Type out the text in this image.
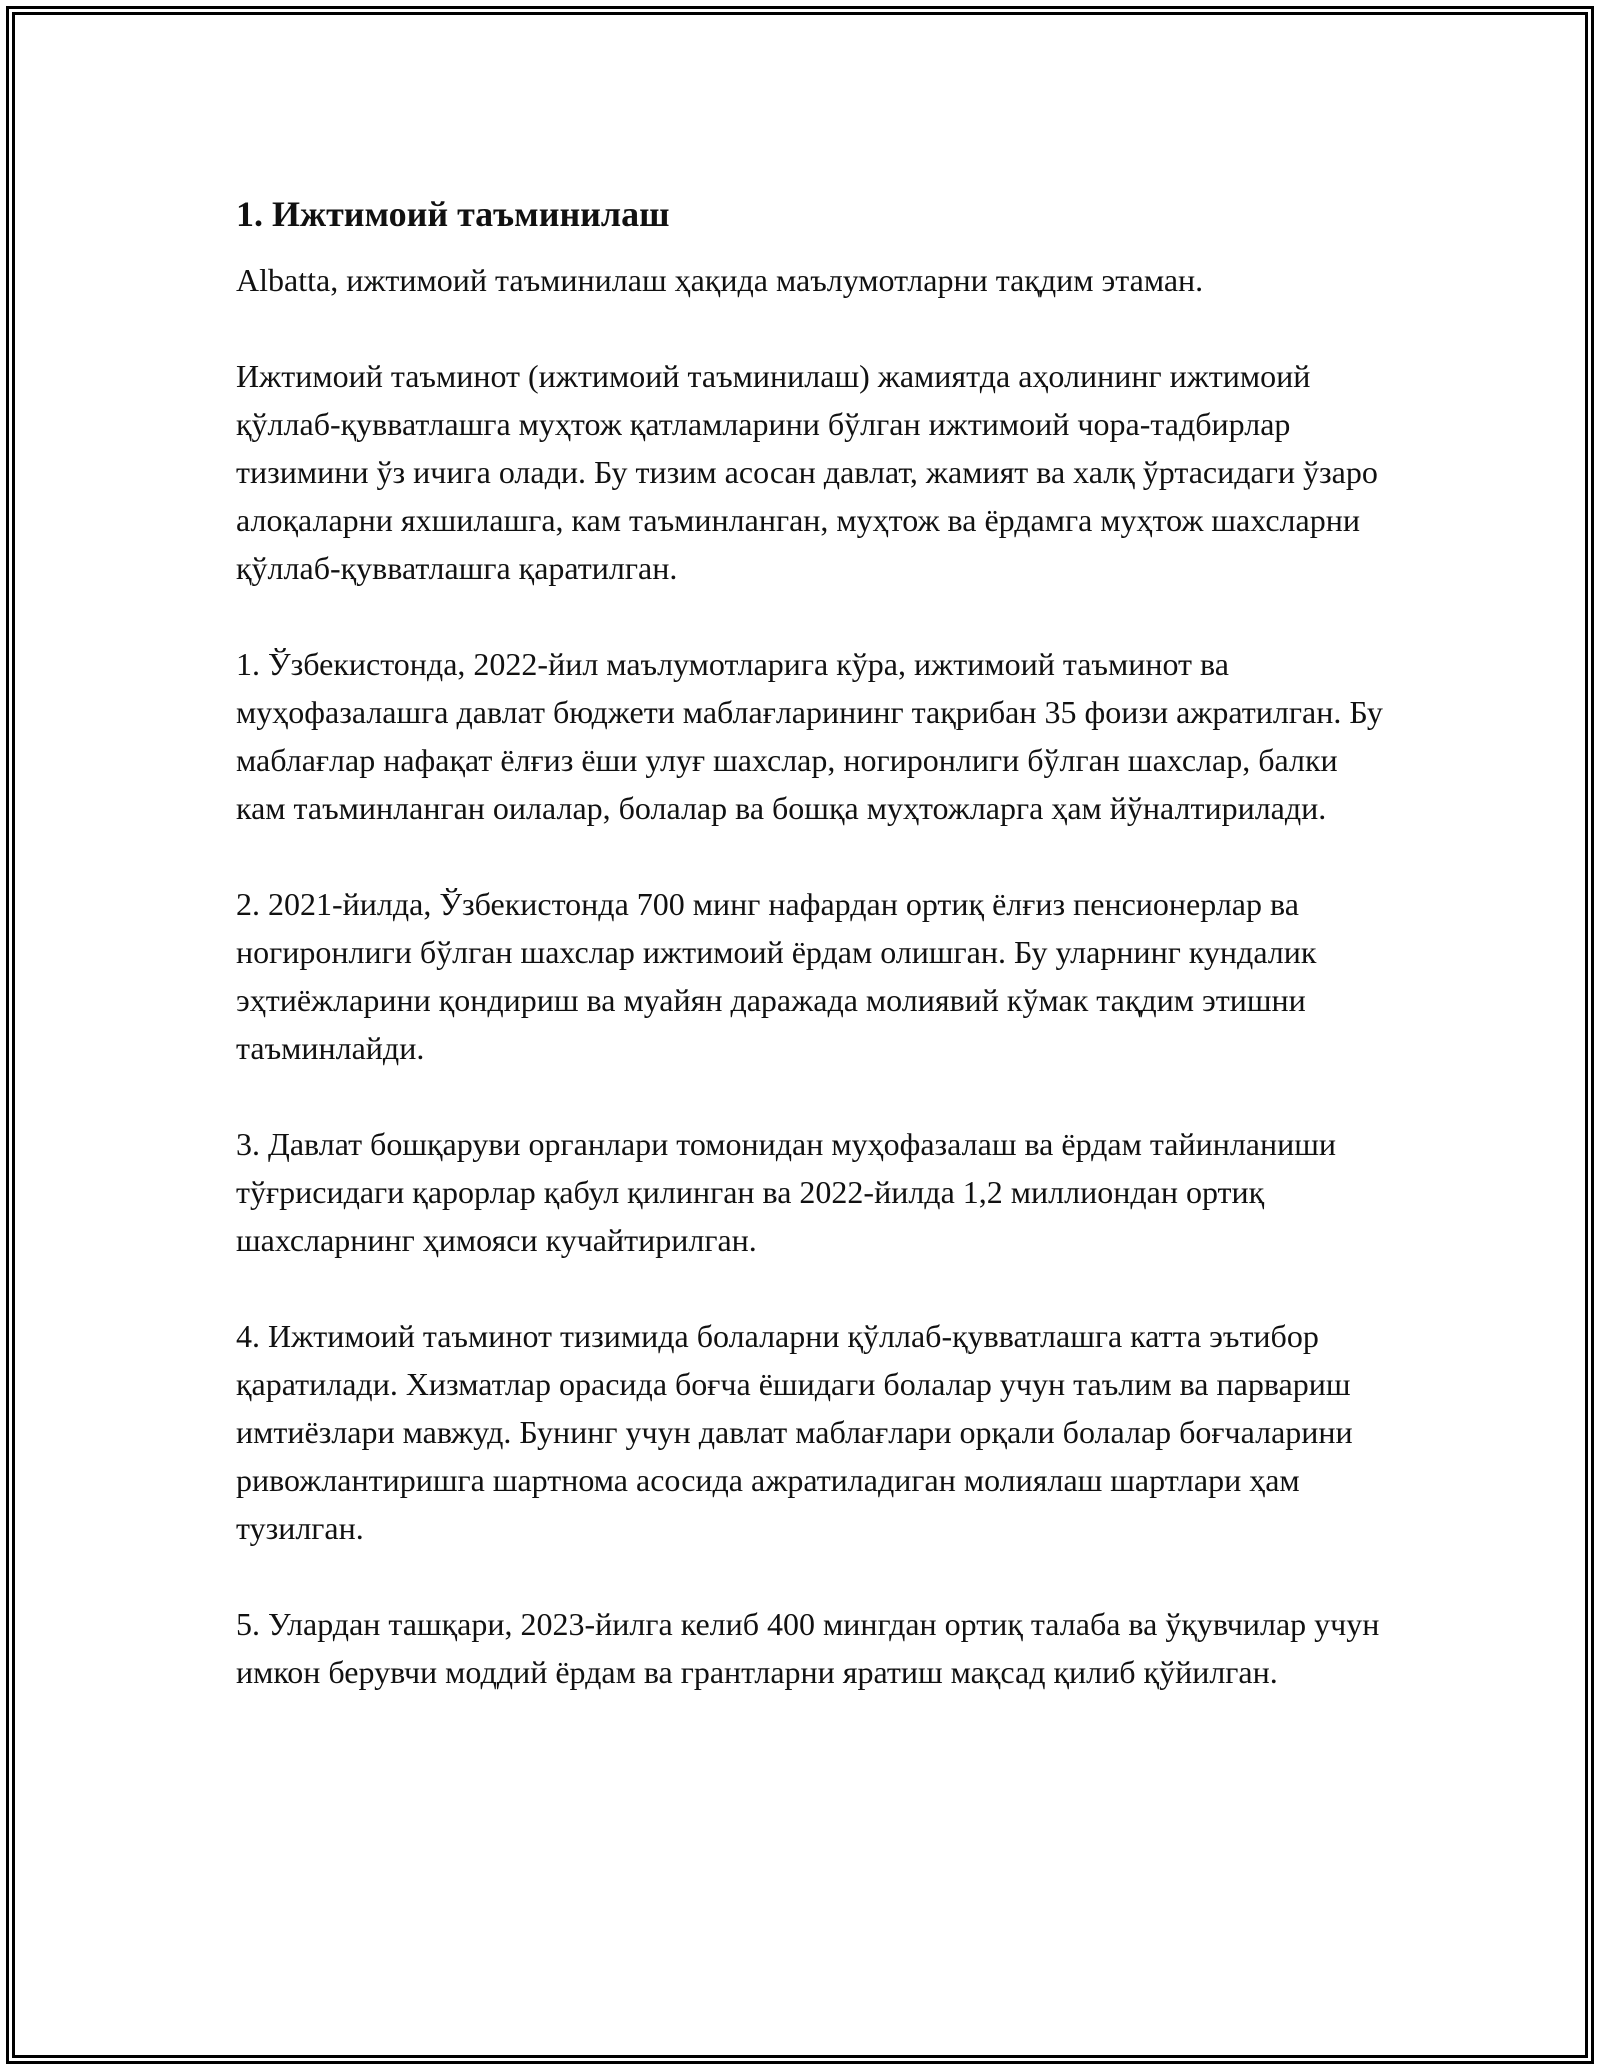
1. Ижтимоий таъминилаш

Albatta, ижтимоий таъминилаш ҳақида маълумотларни тақдим этаман.

Ижтимоий таъминот (ижтимоий таъминилаш) жамиятда аҳолининг ижтимоий қўллаб-қувватлашга муҳтож қатламларини бўлган ижтимоий чора-тадбирлар тизимини ўз ичига олади. Бу тизим асосан давлат, жамият ва халқ ўртасидаги ўзаро алоқаларни яхшилашга, кам таъминланган, муҳтож ва ёрдамга муҳтож шахсларни қўллаб-қувватлашга қаратилган.

1. Ўзбекистонда, 2022-йил маълумотларига кўра, ижтимоий таъминот ва муҳофазалашга давлат бюджети маблағларининг тақрибан 35 фоизи ажратилган. Бу маблағлар нафақат ёлғиз ёши улуғ шахслар, ногиронлиги бўлган шахслар, балки кам таъминланган оилалар, болалар ва бошқа муҳтожларга ҳам йўналтирилади.

2. 2021-йилда, Ўзбекистонда 700 минг нафардан ортиқ ёлғиз пенсионерлар ва ногиронлиги бўлган шахслар ижтимоий ёрдам олишган. Бу уларнинг кундалик эҳтиёжларини қондириш ва муайян даражада молиявий кўмак тақдим этишни таъминлайди.

3. Давлат бошқаруви органлари томонидан муҳофазалаш ва ёрдам тайинланиши тўғрисидаги қарорлар қабул қилинган ва 2022-йилда 1,2 миллиондан ортиқ шахсларнинг ҳимояси кучайтирилган.

4. Ижтимоий таъминот тизимида болаларни қўллаб-қувватлашга катта эътибор қаратилади. Хизматлар орасида боғча ёшидаги болалар учун таълим ва парвариш имтиёзлари мавжуд. Бунинг учун давлат маблағлари орқали болалар боғчаларини ривожлантиришга шартнома асосида ажратиладиган молиялаш шартлари ҳам тузилган.

5. Улардан ташқари, 2023-йилга келиб 400 мингдан ортиқ талаба ва ўқувчилар учун имкон берувчи моддий ёрдам ва грантларни яратиш мақсад қилиб қўйилган.
